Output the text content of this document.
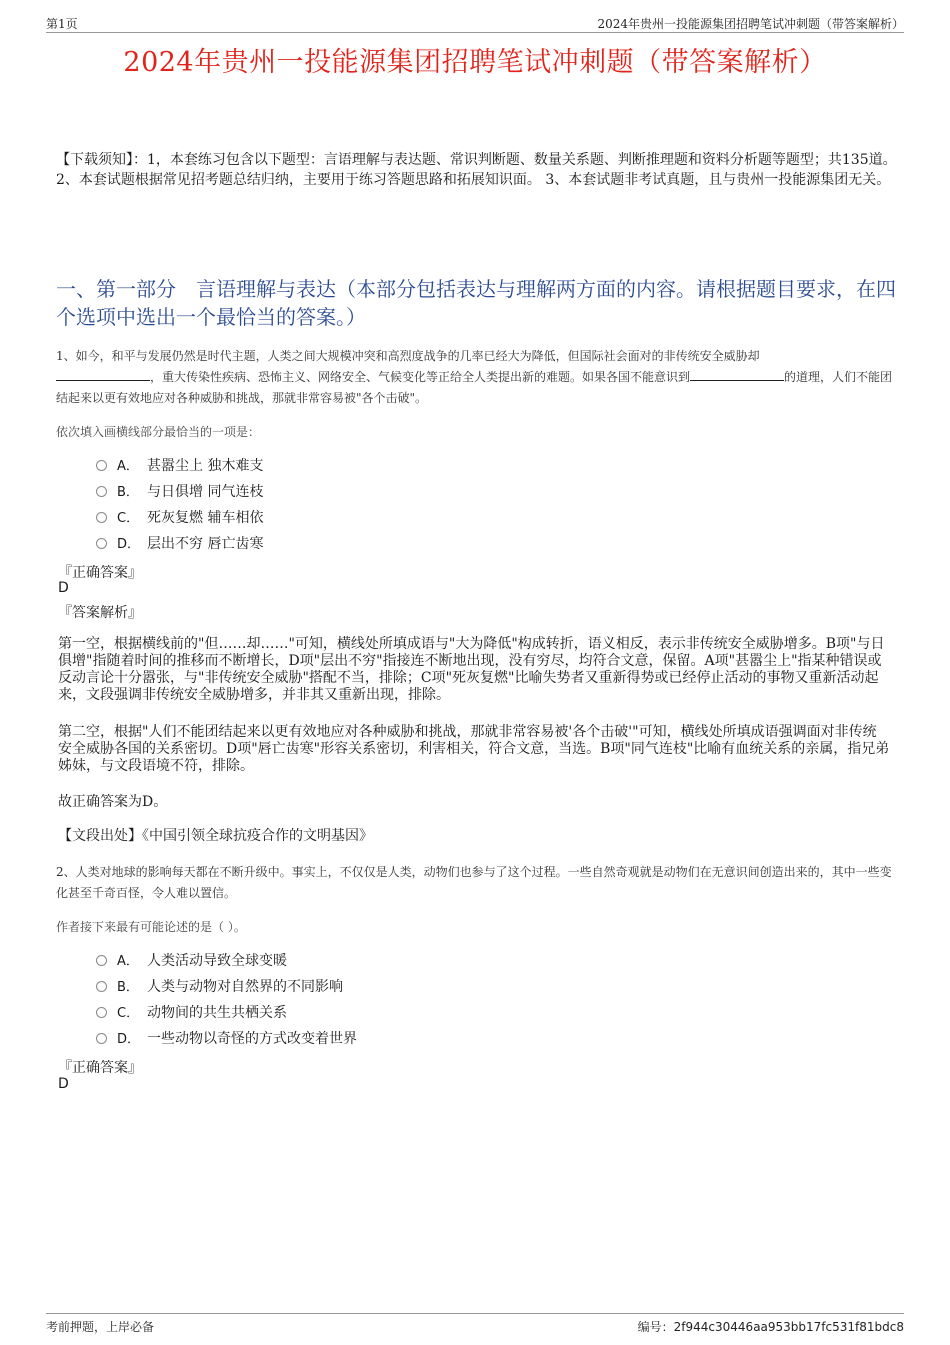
第1页	2024年贵州一投能源集团招聘笔试冲刺题（带答案解析）
2024年贵州一投能源集团招聘笔试冲刺题（带答案解析）
【下载须知】：1，本套练习包含以下题型：言语理解与表达题、常识判断题、数量关系题、判断推理题和资料分析题等题型；共135道。 2、本套试题根据常见招考题总结归纳，主要用于练习答题思路和拓展知识面。 3、本套试题非考试真题，且与贵州一投能源集团无关。
一、第一部分　言语理解与表达（本部分包括表达与理解两方面的内容。请根据题目要求，在四个选项中选出一个最恰当的答案。）
1、如今，和平与发展仍然是时代主题，人类之间大规模冲突和高烈度战争的几率已经大为降低，但国际社会面对的非传统安全威胁却
，重大传染性疾病、恐怖主义、网络安全、气候变化等正给全人类提出新的难题。如果各国不能意识到	的道理，人们不能团结起来以更有效地应对各种威胁和挑战，那就非常容易被"各个击破"。
依次填入画横线部分最恰当的一项是：
A． 甚嚣尘上 独木难支
B． 与日俱增 同气连枝
C． 死灰复燃 辅车相依
D． 层出不穷 唇亡齿寒
『正确答案』
D
『答案解析』
第一空，根据横线前的"但……却……"可知，横线处所填成语与"大为降低"构成转折，语义相反，表示非传统安全威胁增多。B项"与日俱增"指随着时间的推移而不断增长，D项"层出不穷"指接连不断地出现，没有穷尽，均符合文意，保留。A项"甚嚣尘上"指某种错误或反动言论十分嚣张，与"非传统安全威胁"搭配不当，排除；C项"死灰复燃"比喻失势者又重新得势或已经停止活动的事物又重新活动起来，文段强调非传统安全威胁增多，并非其又重新出现，排除。
第二空，根据"人们不能团结起来以更有效地应对各种威胁和挑战，那就非常容易被'各个击破'"可知，横线处所填成语强调面对非传统安全威胁各国的关系密切。D项"唇亡齿寒"形容关系密切，利害相关，符合文意，当选。B项"同气连枝"比喻有血统关系的亲属，指兄弟姊妹，与文段语境不符，排除。
故正确答案为D。
【文段出处】《中国引领全球抗疫合作的文明基因》
2、人类对地球的影响每天都在不断升级中。事实上，不仅仅是人类，动物们也参与了这个过程。一些自然奇观就是动物们在无意识间创造出来的，其中一些变化甚至千奇百怪，令人难以置信。
作者接下来最有可能论述的是（ ）。
A． 人类活动导致全球变暖
B． 人类与动物对自然界的不同影响
C． 动物间的共生共栖关系
D． 一些动物以奇怪的方式改变着世界
『正确答案』
D
考前押题，上岸必备	编号：2f944c30446aa953bb17fc531f81bdc8
